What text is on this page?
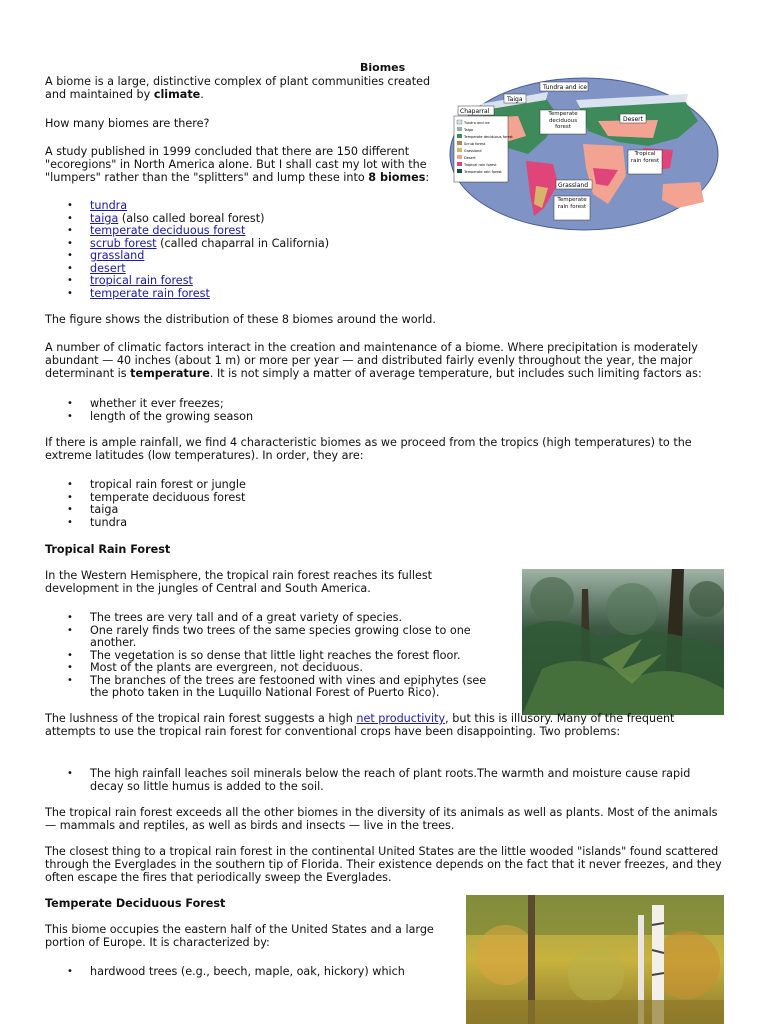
Biomes

A biome is a large, distinctive complex of plant communities created and maintained by climate.

How many biomes are there?

A study published in 1999 concluded that there are 150 different "ecoregions" in North America alone. But I shall cast my lot with the "lumpers" rather than the "splitters" and lump these into 8 biomes:

• tundra
• taiga (also called boreal forest)
• temperate deciduous forest
• scrub forest (called chaparral in California)
• grassland
• desert
• tropical rain forest
• temperate rain forest
Tundra and ice
Taiga
Temperate deciduous forest
Scrub forest
Grassland
Desert
Tropical rain forest
Temperate rain forest
Tundra and ice
Taiga
Chaparral	Temperate deciduous forest
Desert
Tropical rain forest
Grassland
Temperate rain forest

The figure shows the distribution of these 8 biomes around the world.

A number of climatic factors interact in the creation and maintenance of a biome. Where precipitation is moderately abundant — 40 inches (about 1 m) or more per year — and distributed fairly evenly throughout the year, the major determinant is temperature. It is not simply a matter of average temperature, but includes such limiting factors as:

• whether it ever freezes;
• length of the growing season

If there is ample rainfall, we find 4 characteristic biomes as we proceed from the tropics (high temperatures) to the extreme latitudes (low temperatures). In order, they are:

• tropical rain forest or jungle
• temperate deciduous forest
• taiga
• tundra

Tropical Rain Forest

In the Western Hemisphere, the tropical rain forest reaches its fullest development in the jungles of Central and South America.

• The trees are very tall and of a great variety of species.
• One rarely finds two trees of the same species growing close to one another.
• The vegetation is so dense that little light reaches the forest floor.
• Most of the plants are evergreen, not deciduous.
• The branches of the trees are festooned with vines and epiphytes (see the photo taken in the Luquillo National Forest of Puerto Rico).

The lushness of the tropical rain forest suggests a high net productivity, but this is illusory. Many of the frequent attempts to use the tropical rain forest for conventional crops have been disappointing. Two problems:

• The high rainfall leaches soil minerals below the reach of plant roots.The warmth and moisture cause rapid decay so little humus is added to the soil.

The tropical rain forest exceeds all the other biomes in the diversity of its animals as well as plants. Most of the animals — mammals and reptiles, as well as birds and insects — live in the trees.

The closest thing to a tropical rain forest in the continental United States are the little wooded "islands" found scattered through the Everglades in the southern tip of Florida. Their existence depends on the fact that it never freezes, and they often escape the fires that periodically sweep the Everglades.

Temperate Deciduous Forest

This biome occupies the eastern half of the United States and a large portion of Europe. It is characterized by:

• hardwood trees (e.g., beech, maple, oak, hickory) which
